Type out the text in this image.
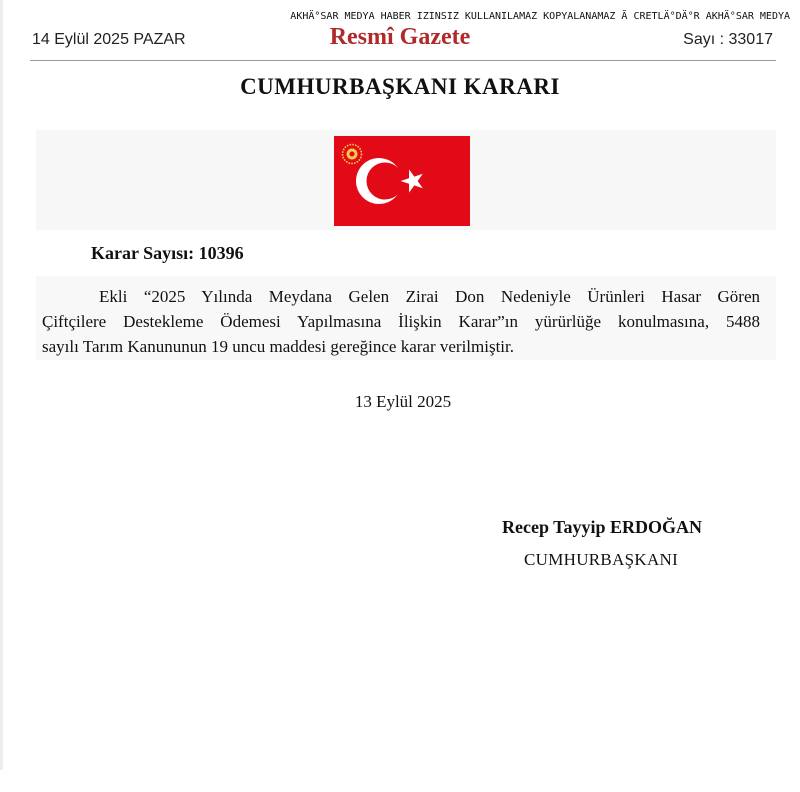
AKHÄ°SAR MEDYA HABER IZINSIZ KULLANILAMAZ KOPYALANAMAZ Ã CRETLÄ°DÄ°R AKHÄ°SAR MEDYA
14 Eylül 2025 PAZAR	Resmî Gazete	Sayı : 33017
CUMHURBAŞKANI KARARI
Karar Sayısı: 10396
Ekli “2025 Yılında Meydana Gelen Zirai Don Nedeniyle Ürünleri Hasar Gören
Çiftçilere Destekleme Ödemesi Yapılmasına İlişkin Karar”ın yürürlüğe konulmasına, 5488
sayılı Tarım Kanununun 19 uncu maddesi gereğince karar verilmiştir.
13 Eylül 2025
Recep Tayyip ERDOĞAN
CUMHURBAŞKANI
